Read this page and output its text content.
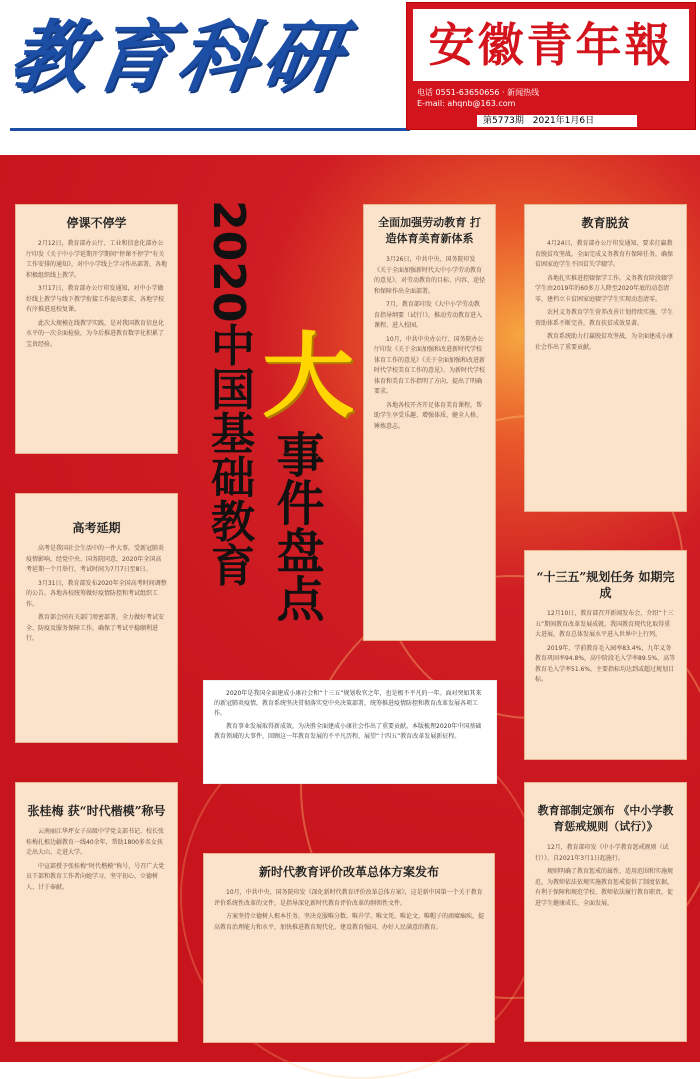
教育科研	安徽青年報
电话 0551-63650656 · 新闻热线
E-mail: ahqnb@163.com
第5773期 2021年1月6日
停课不停学

2月12日，教育部办公厅、工业和信息化部办公厅印发《关于中小学延期开学期间“停课不停学”有关工作安排的通知》，对中小学线上学习作出部署，各地积极组织线上教学。

3月17日，教育部办公厅印发通知，对中小学做好线上教学与线下教学衔接工作提出要求，各地学校有序推进返校复课。

此次大规模在线教学实践，是对我国教育信息化水平的一次全面检验，为今后推进教育数字化积累了宝贵经验。

高考延期

高考是我国社会生活中的一件大事。受新冠肺炎疫情影响，经党中央、国务院同意，2020年全国高考延期一个月举行，考试时间为7月7日至8日。

3月31日，教育部发布2020年全国高考时间调整的公告。各地各校统筹做好疫情防控和考试组织工作。

教育部会同有关部门周密部署，全力做好考试安全、防疫及服务保障工作，确保了考试平稳顺利进行。

张桂梅 获“时代楷模”称号

云南丽江华坪女子高级中学党支部书记、校长张桂梅扎根边疆教育一线40余年，帮助1800多名女孩走出大山、走进大学。

中宣部授予张桂梅“时代楷模”称号，号召广大党员干部和教育工作者向她学习，坚守初心、立德树人、甘于奉献。

全面加强劳动教育 打造体育美育新体系

3月26日，中共中央、国务院印发《关于全面加强新时代大中小学劳动教育的意见》，对劳动教育的目标、内容、途径和保障作出全面部署。

7月，教育部印发《大中小学劳动教育指导纲要（试行）》，推动劳动教育进入课程、进入校园。

10月，中共中央办公厅、国务院办公厅印发《关于全面加强和改进新时代学校体育工作的意见》《关于全面加强和改进新时代学校美育工作的意见》，为新时代学校体育和美育工作指明了方向，提出了明确要求。

各地各校开齐开足体育美育课程，帮助学生享受乐趣、增强体质、健全人格、锤炼意志。

教育脱贫

4月24日，教育部办公厅印发通知，要求打赢教育脱贫攻坚战，全面完成义务教育有保障任务，确保贫困家庭学生不因贫失学辍学。

各地扎实推进控辍保学工作，义务教育阶段辍学学生由2019年的60多万人降至2020年底的动态清零，建档立卡贫困家庭辍学学生实现动态清零。

农村义务教育学生营养改善计划持续实施，学生资助体系不断完善，教育扶贫成效显著。

教育系统助力打赢脱贫攻坚战，为全面建成小康社会作出了重要贡献。

“十三五”规划任务 如期完成

12月10日，教育部召开新闻发布会，介绍“十三五”期间教育改革发展成就。我国教育现代化取得重大进展，教育总体发展水平进入世界中上行列。

2019年，学前教育毛入园率83.4%，九年义务教育巩固率94.8%，高中阶段毛入学率89.5%，高等教育毛入学率51.6%，主要指标均达到或超过规划目标。

新时代教育评价改革总体方案发布

10月，中共中央、国务院印发《深化新时代教育评价改革总体方案》，这是新中国第一个关于教育评价系统性改革的文件，是指导深化新时代教育评价改革的纲领性文件。

方案坚持立德树人根本任务，坚决克服唯分数、唯升学、唯文凭、唯论文、唯帽子的顽瘴痼疾，提高教育治理能力和水平，加快推进教育现代化、建设教育强国、办好人民满意的教育。

教育部制定颁布 《中小学教育惩戒规则（试行）》

12月，教育部印发《中小学教育惩戒规则（试行）》，自2021年3月1日起施行。

规则明确了教育惩戒的属性、适用范围和实施规范，为教师依法依规实施教育惩戒提供了制度依据，有利于保障和规范学校、教师依法履行教育职责，促进学生健康成长、全面发展。

2020中国基础教育 大
事件盘点

2020年是我国全面建成小康社会和“十三五”规划收官之年，也是极不平凡的一年。面对突如其来的新冠肺炎疫情，教育系统坚决贯彻落实党中央决策部署，统筹推进疫情防控和教育改革发展各项工作。

教育事业发展取得新成效，为决胜全面建成小康社会作出了重要贡献。本版梳理2020年中国基础教育领域的大事件，回顾这一年教育发展的不平凡历程，展望“十四五”教育改革发展新征程。
